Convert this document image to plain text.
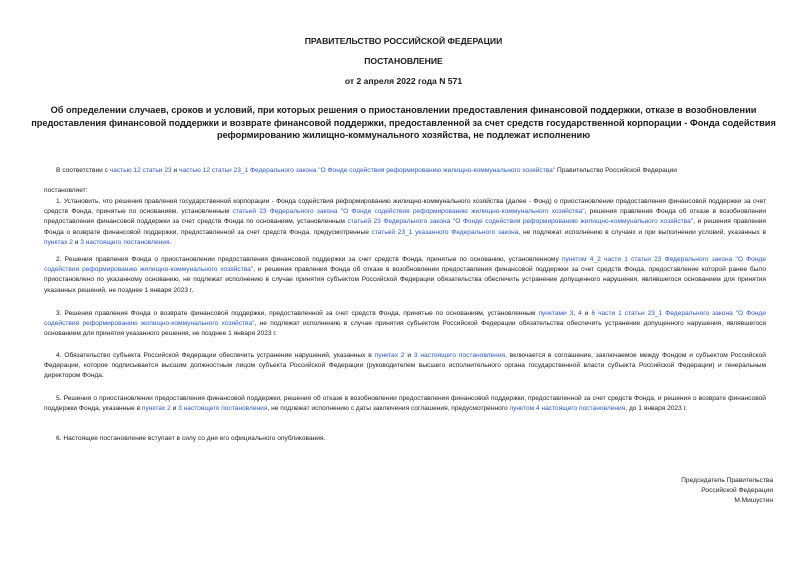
ПРАВИТЕЛЬСТВО РОССИЙСКОЙ ФЕДЕРАЦИИ
ПОСТАНОВЛЕНИЕ
от 2 апреля 2022 года N 571
Об определении случаев, сроков и условий, при которых решения о приостановлении предоставления финансовой поддержки, отказе в возобновлении предоставления финансовой поддержки и возврате финансовой поддержки, предоставленной за счет средств государственной корпорации - Фонда содействия реформированию жилищно-коммунального хозяйства, не подлежат исполнению

В соответствии с частью 12 статьи 23 и частью 12 статьи 23_1 Федерального закона "О Фонде содействия реформированию жилищно-коммунального хозяйства" Правительство Российской Федерации

постановляет:

1. Установить, что решения правления государственной корпорации - Фонда содействия реформированию жилищно-коммунального хозяйства (далее - Фонд) о приостановлении предоставления финансовой поддержки за счет средств Фонда, принятые по основаниям, установленным статьей 23 Федерального закона "О Фонде содействия реформированию жилищно-коммунального хозяйства", решения правления Фонда об отказе в возобновлении предоставления финансовой поддержки за счет средств Фонда по основаниям, установленным статьей 23 Федерального закона "О Фонде содействия реформированию жилищно-коммунального хозяйства", и решения правления Фонда о возврате финансовой поддержки, предоставленной за счет средств Фонда, предусмотренные статьей 23_1 указанного Федерального закона, не подлежат исполнению в случаях и при выполнении условий, указанных в пунктах 2 и 3 настоящего постановления.

2. Решения правления Фонда о приостановлении предоставления финансовой поддержки за счет средств Фонда, принятые по основанию, установленному пунктом 4_2 части 1 статьи 23 Федерального закона "О Фонде содействия реформированию жилищно-коммунального хозяйства", и решения правления Фонда об отказе в возобновлении предоставления финансовой поддержки за счет средств Фонда, предоставление которой ранее было приостановлено по указанному основанию, не подлежат исполнению в случае принятия субъектом Российской Федерации обязательства обеспечить устранение допущенного нарушения, являвшегося основанием для принятия указанных решений, не позднее 1 января 2023 г.

3. Решения правления Фонда о возврате финансовой поддержки, предоставленной за счет средств Фонда, принятые по основаниям, установленным пунктами 3, 4 и 6 части 1 статьи 23_1 Федерального закона "О Фонде содействия реформированию жилищно-коммунального хозяйства", не подлежат исполнению в случае принятия субъектом Российской Федерации обязательства обеспечить устранение допущенного нарушения, являвшегося основанием для принятия указанного решения, не позднее 1 января 2023 г.

4. Обязательство субъекта Российской Федерации обеспечить устранение нарушений, указанных в пунктах 2 и 3 настоящего постановления, включается в соглашение, заключаемое между Фондом и субъектом Российской Федерации, которое подписывается высшим должностным лицом субъекта Российской Федерации (руководителем высшего исполнительного органа государственной власти субъекта Российской Федерации) и генеральным директором Фонда.

5. Решения о приостановлении предоставления финансовой поддержки, решения об отказе в возобновлении предоставления финансовой поддержки, предоставленной за счет средств Фонда, и решения о возврате финансовой поддержки Фонда, указанные в пунктах 2 и 3 настоящего постановления, не подлежат исполнению с даты заключения соглашения, предусмотренного пунктом 4 настоящего постановления, до 1 января 2023 г.

6. Настоящее постановление вступает в силу со дня его официального опубликования.

Председатель Правительства
Российской Федерации
М.Мишустин
